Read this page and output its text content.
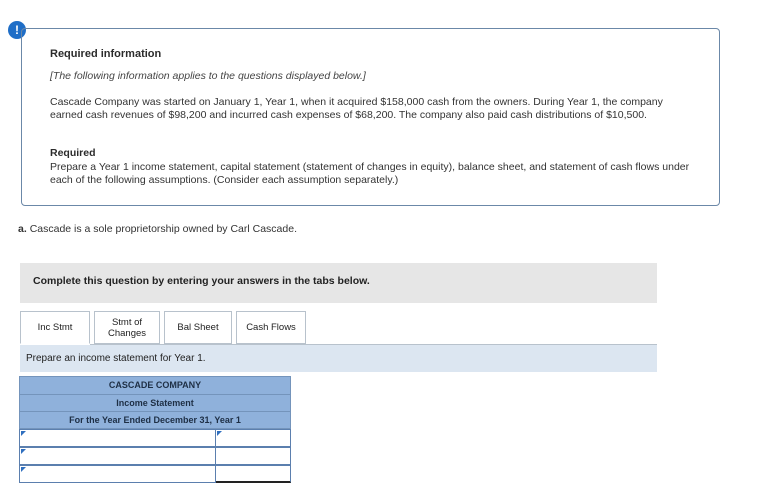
!
Required information
[The following information applies to the questions displayed below.]
Cascade Company was started on January 1, Year 1, when it acquired $158,000 cash from the owners. During Year 1, the company earned cash revenues of $98,200 and incurred cash expenses of $68,200. The company also paid cash distributions of $10,500.
Required
Prepare a Year 1 income statement, capital statement (statement of changes in equity), balance sheet, and statement of cash flows under each of the following assumptions. (Consider each assumption separately.)
a. Cascade is a sole proprietorship owned by Carl Cascade.
Complete this question by entering your answers in the tabs below.
Inc Stmt	Stmt of Changes	Bal Sheet	Cash Flows
Prepare an income statement for Year 1.
CASCADE COMPANY
Income Statement
For the Year Ended December 31, Year 1
